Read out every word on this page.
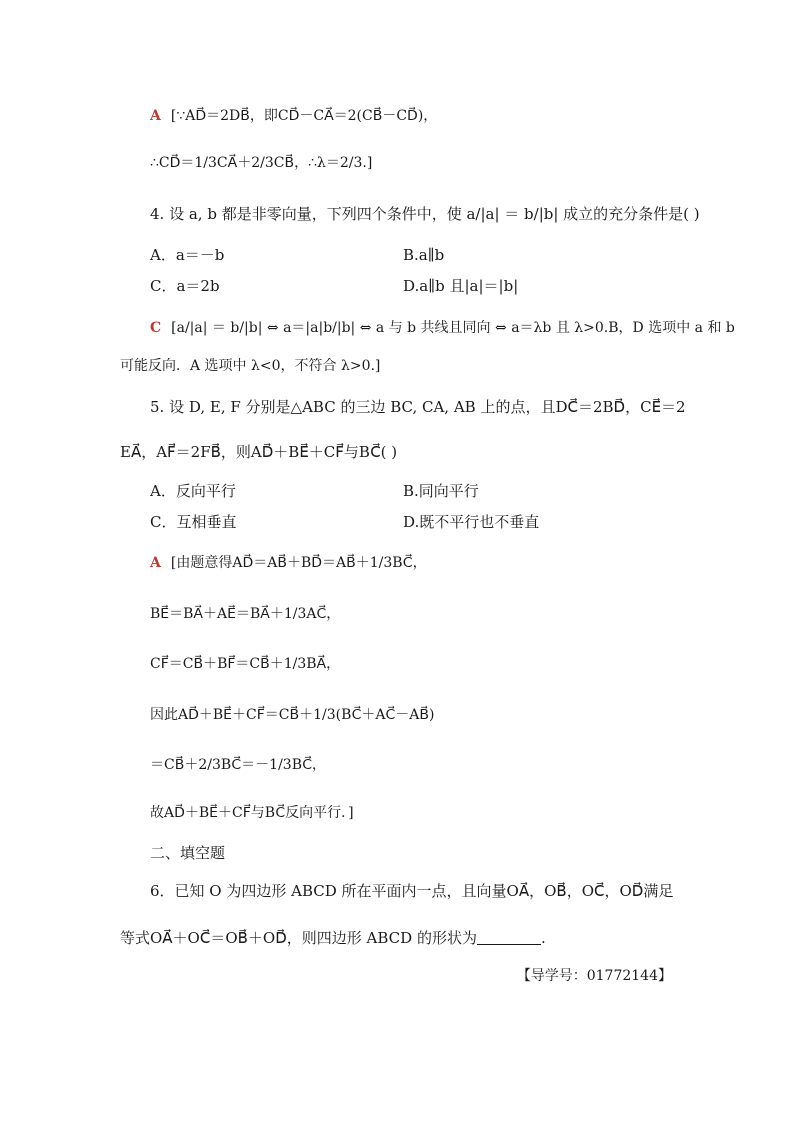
A [∵AD⃗＝2DB⃗，即CD⃗－CA⃗＝2(CB⃗－CD⃗)，
∴CD⃗＝1/3CA⃗＋2/3CB⃗，∴λ＝2/3.]
4. 设 a, b 都是非零向量，下列四个条件中，使 a/|a| ＝ b/|b| 成立的充分条件是( )
A．a＝－b	B.a∥b
C．a＝2b	D.a∥b 且|a|＝|b|
C [a/|a| ＝ b/|b| ⇔ a＝|a|b/|b| ⇔ a 与 b 共线且同向 ⇔ a＝λb 且 λ>0.B，D 选项中 a 和 b
可能反向．A 选项中 λ<0，不符合 λ>0.]
5. 设 D, E, F 分别是△ABC 的三边 BC, CA, AB 上的点，且DC⃗＝2BD⃗，CE⃗＝2
EA⃗，AF⃗＝2FB⃗，则AD⃗＋BE⃗＋CF⃗与BC⃗( )
A．反向平行	B.同向平行
C．互相垂直	D.既不平行也不垂直
A [由题意得AD⃗＝AB⃗＋BD⃗＝AB⃗＋1/3BC⃗，
BE⃗＝BA⃗＋AE⃗＝BA⃗＋1/3AC⃗，
CF⃗＝CB⃗＋BF⃗＝CB⃗＋1/3BA⃗，
因此AD⃗＋BE⃗＋CF⃗＝CB⃗＋1/3(BC⃗＋AC⃗－AB⃗)
＝CB⃗＋2/3BC⃗＝－1/3BC⃗，
故AD⃗＋BE⃗＋CF⃗与BC⃗反向平行．]
二、填空题
6．已知 O 为四边形 ABCD 所在平面内一点，且向量OA⃗，OB⃗，OC⃗，OD⃗满足
等式OA⃗＋OC⃗＝OB⃗＋OD⃗，则四边形 ABCD 的形状为	.
【导学号：01772144】
